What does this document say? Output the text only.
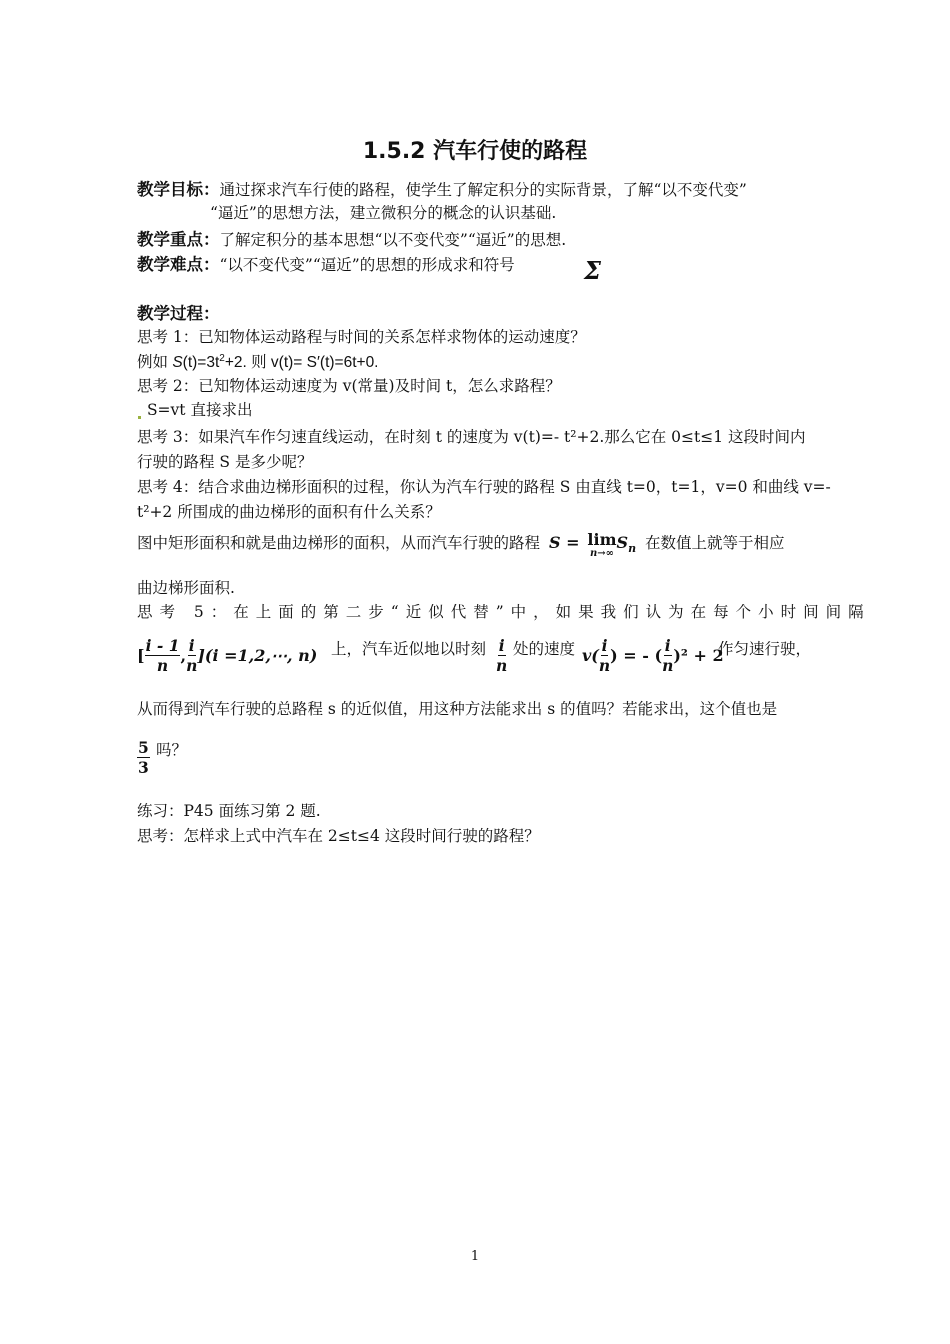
1.5.2 汽车行使的路程
教学目标：通过探求汽车行使的路程，使学生了解定积分的实际背景，了解“以不变代变”
“逼近”的思想方法，建立微积分的概念的认识基础.
教学重点：了解定积分的基本思想“以不变代变”“逼近”的思想.
教学难点：“以不变代变”“逼近”的思想的形成求和符号	Σ
教学过程：
思考 1：已知物体运动路程与时间的关系怎样求物体的运动速度？
例如 $S(t)=3t^2+2$. 则 v(t)= S′(t)=6t+0.
思考 2：已知物体运动速度为 v(常量)及时间 t，怎么求路程？
S=vt 直接求出
思考 3：如果汽车作匀速直线运动，在时刻 t 的速度为 v(t)=- t²+2.那么它在 0≤t≤1 这段时间内
行驶的路程 S 是多少呢？
思考 4：结合求曲边梯形面积的过程，你认为汽车行驶的路程 S 由直线 t=0，t=1，v=0 和曲线 v=-
t²+2 所围成的曲边梯形的面积有什么关系？
图中矩形面积和就是曲边梯形的面积，从而汽车行驶的路程 S = lim
n→∞
$S_n$ 在数值上就等于相应
曲边梯形面积.
思考 5：在上面的第二步“近似代替”中，如果我们认为在每个小时间间隔
[ $\frac{i - 1}{n}$ , $\frac{i}{n} ](i$ =1,2,⋯, n) 上，汽车近似地以时刻 $\frac{i}{n}$ 处的速度 $v( \frac{i}{n}$ ) = - ( $\frac{i}{n} )^2 + 2$
作匀速行驶，
从而得到汽车行驶的总路程 s 的近似值，用这种方法能求出 s 的值吗？若能求出，这个值也是
$\frac{5}{3}$ 吗？
练习：P45 面练习第 2 题.
思考：怎样求上式中汽车在 2≤t≤4 这段时间行驶的路程？
1
